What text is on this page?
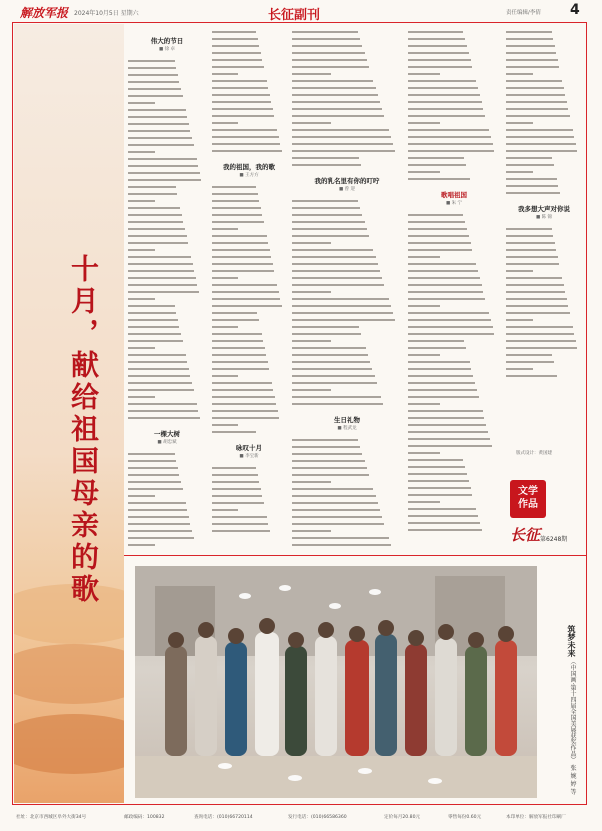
解放军报 2024年10月5日 星期六	长征副刊	责任编辑/李倩 4
十月，献给祖国母亲的歌
伟大的节日
■ 徐 卓
一棵大树
■ 胡忠斌
我的祖国，我的歌
■ 王方方
咏叹十月
■ 李宝新
我的乳名里有你的叮咛
■ 曾 迎
生日礼物
■ 程武龙
歌唱祖国
■ 朱 宁
我多想大声对你说
■ 陈 锦
版式设计：黄国建
文学
作品
长征 第6248期
筑梦未来 （中国画·第十四届全国美展获奖作品） 张 婉 婷 等
社址：北京市西城区阜外大街34号	邮政编码：100832	查询电话：(010)66720114	发行电话：(010)66586360	定价每月20.80元	零售每份0.60元	本印单位：解放军报社印刷厂
